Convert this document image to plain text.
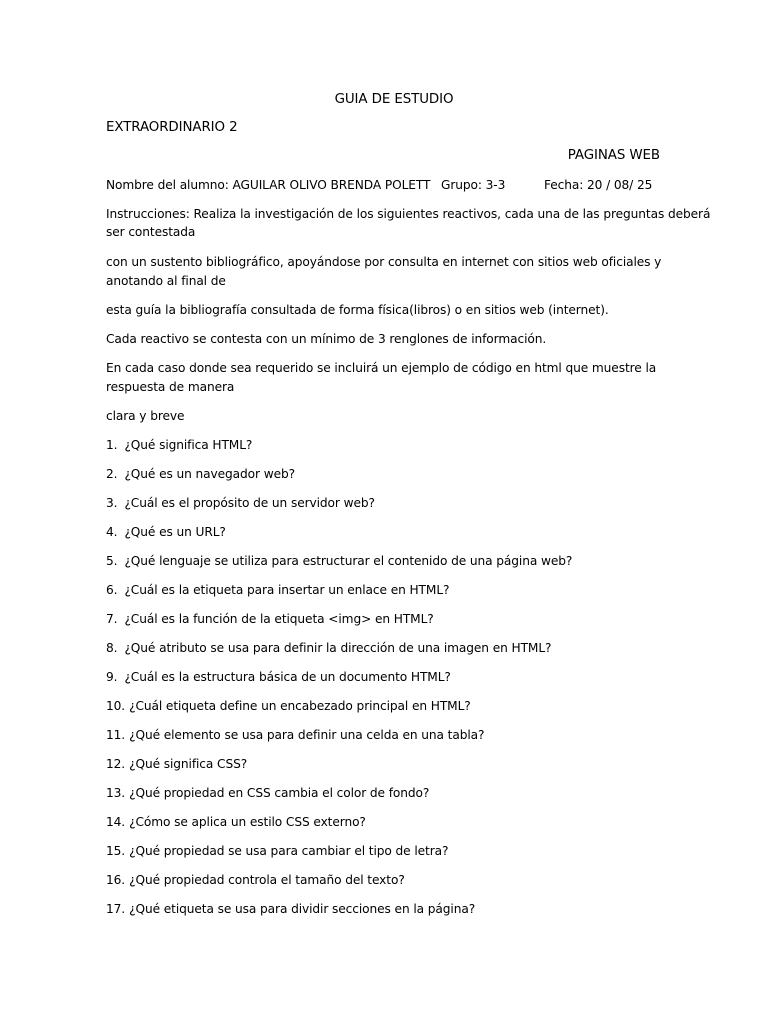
GUIA DE ESTUDIO
EXTRAORDINARIO 2
PAGINAS WEB
Nombre del alumno: AGUILAR OLIVO BRENDA POLETT Grupo: 3-3	Fecha: 20 / 08/ 25
Instrucciones: Realiza la investigación de los siguientes reactivos, cada una de las preguntas deberá
ser contestada
con un sustento bibliográfico, apoyándose por consulta en internet con sitios web oficiales y
anotando al final de
esta guía la bibliografía consultada de forma física(libros) o en sitios web (internet).
Cada reactivo se contesta con un mínimo de 3 renglones de información.
En cada caso donde sea requerido se incluirá un ejemplo de código en html que muestre la
respuesta de manera
clara y breve
1. ¿Qué significa HTML?
2. ¿Qué es un navegador web?
3. ¿Cuál es el propósito de un servidor web?
4. ¿Qué es un URL?
5. ¿Qué lenguaje se utiliza para estructurar el contenido de una página web?
6. ¿Cuál es la etiqueta para insertar un enlace en HTML?
7. ¿Cuál es la función de la etiqueta <img> en HTML?
8. ¿Qué atributo se usa para definir la dirección de una imagen en HTML?
9. ¿Cuál es la estructura básica de un documento HTML?
10. ¿Cuál etiqueta define un encabezado principal en HTML?
11. ¿Qué elemento se usa para definir una celda en una tabla?
12. ¿Qué significa CSS?
13. ¿Qué propiedad en CSS cambia el color de fondo?
14. ¿Cómo se aplica un estilo CSS externo?
15. ¿Qué propiedad se usa para cambiar el tipo de letra?
16. ¿Qué propiedad controla el tamaño del texto?
17. ¿Qué etiqueta se usa para dividir secciones en la página?
